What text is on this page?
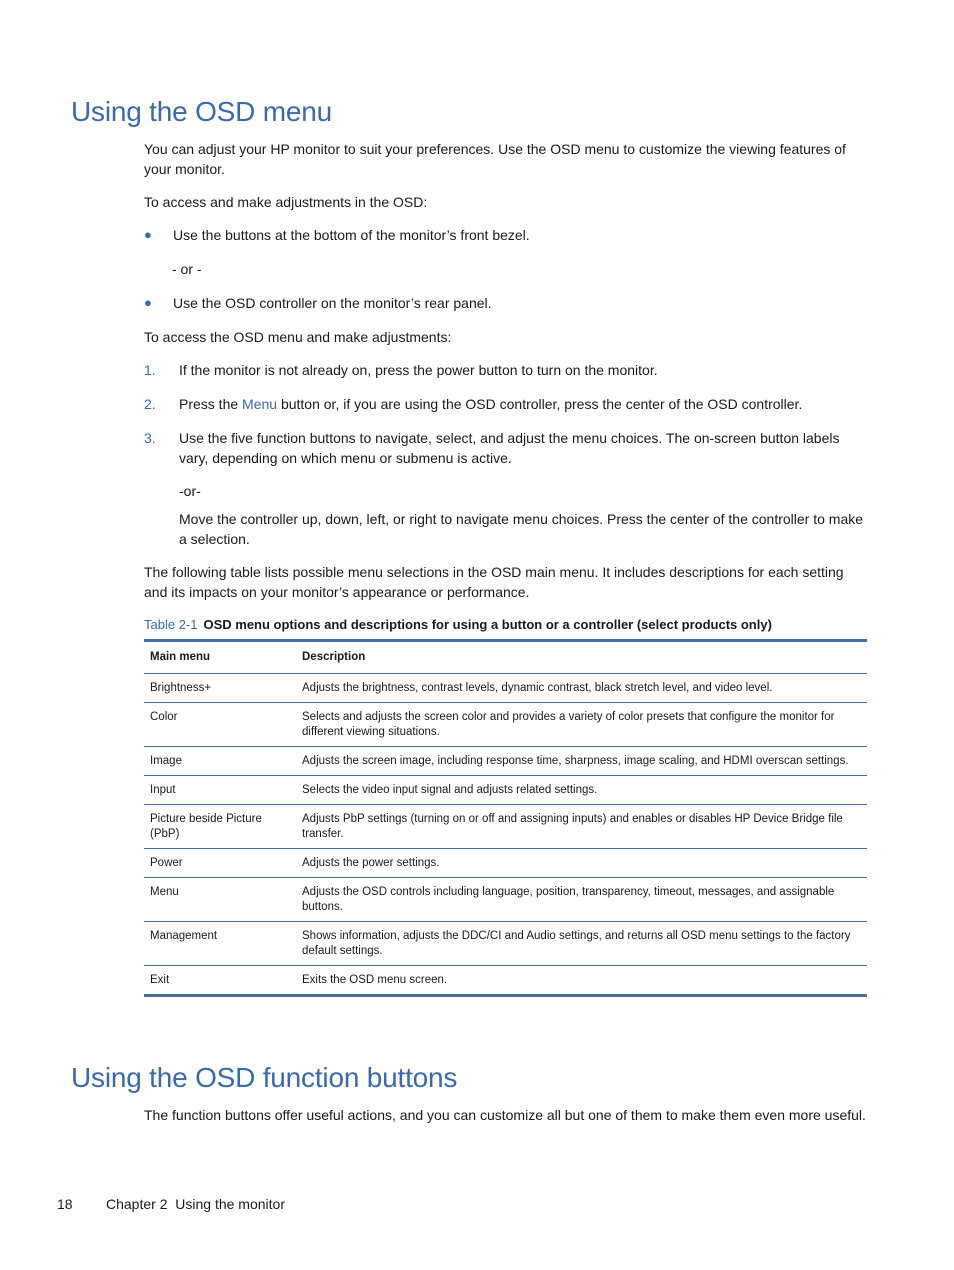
Using the OSD menu

You can adjust your HP monitor to suit your preferences. Use the OSD menu to customize the viewing features of your monitor.

To access and make adjustments in the OSD:

● Use the buttons at the bottom of the monitor’s front bezel.
- or -
● Use the OSD controller on the monitor’s rear panel.

To access the OSD menu and make adjustments:

1. If the monitor is not already on, press the power button to turn on the monitor.
2. Press the Menu button or, if you are using the OSD controller, press the center of the OSD controller.
3. Use the five function buttons to navigate, select, and adjust the menu choices. The on-screen button labels vary, depending on which menu or submenu is active.
-or-
Move the controller up, down, left, or right to navigate menu choices. Press the center of the controller to make a selection.

The following table lists possible menu selections in the OSD main menu. It includes descriptions for each setting and its impacts on your monitor’s appearance or performance.

Table 2-1 OSD menu options and descriptions for using a button or a controller (select products only)
Main menu	Description
Brightness+	Adjusts the brightness, contrast levels, dynamic contrast, black stretch level, and video level.
Color	Selects and adjusts the screen color and provides a variety of color presets that configure the monitor for different viewing situations.
Image	Adjusts the screen image, including response time, sharpness, image scaling, and HDMI overscan settings.
Input	Selects the video input signal and adjusts related settings.
Picture beside Picture (PbP)	Adjusts PbP settings (turning on or off and assigning inputs) and enables or disables HP Device Bridge file transfer.
Power	Adjusts the power settings.
Menu	Adjusts the OSD controls including language, position, transparency, timeout, messages, and assignable buttons.
Management	Shows information, adjusts the DDC/CI and Audio settings, and returns all OSD menu settings to the factory default settings.
Exit	Exits the OSD menu screen.
Using the OSD function buttons

The function buttons offer useful actions, and you can customize all but one of them to make them even more useful.

18 Chapter 2  Using the monitor
